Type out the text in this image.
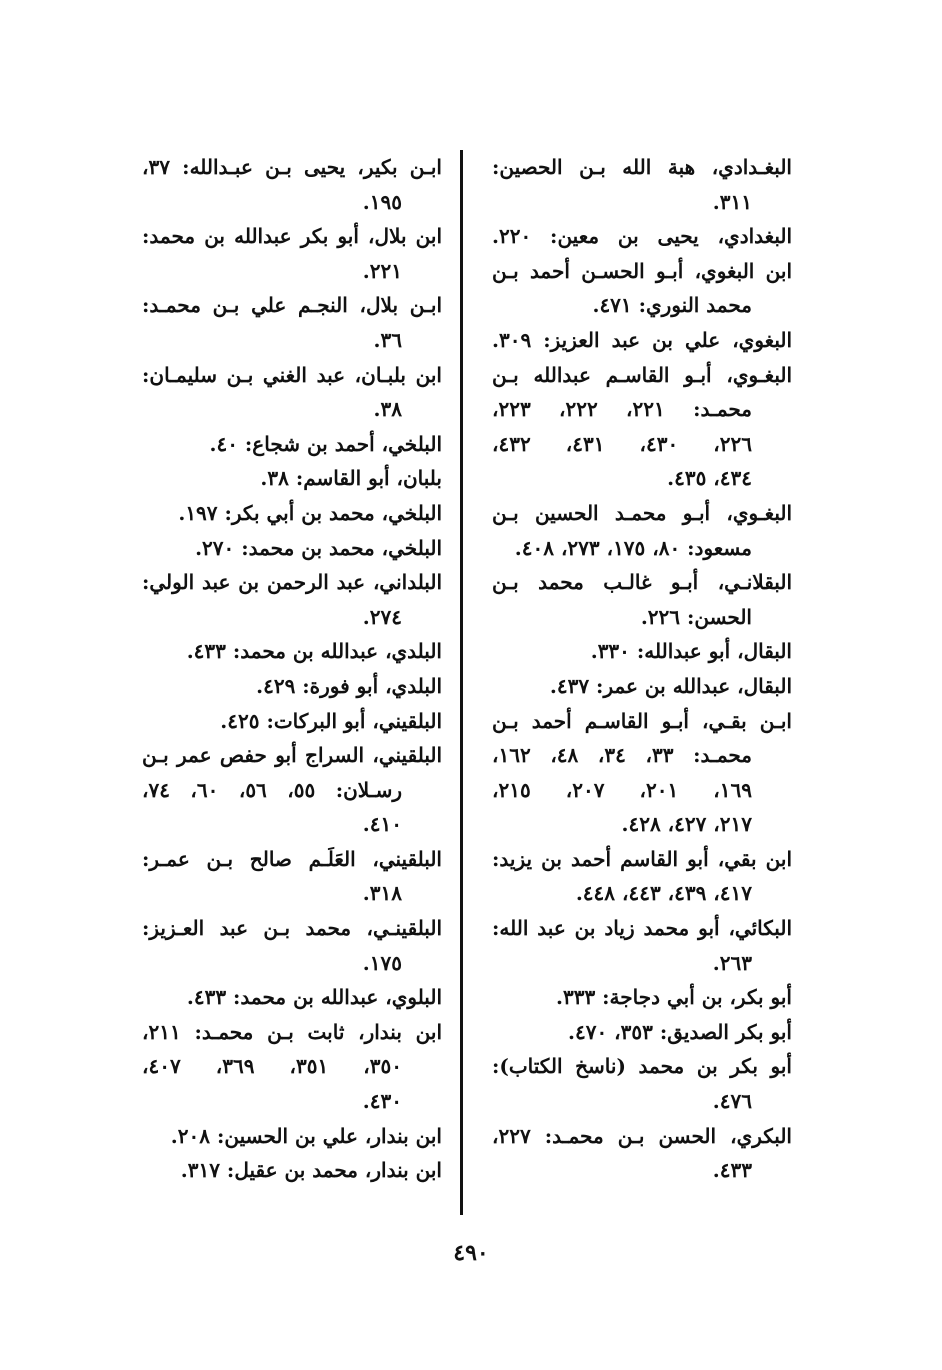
البغـدادي، هبة الله بـن الحصين:
٣١١.
البغدادي، يحيى بن معين: ٢٢٠.
ابن البغوي، أبـو الحسـن أحمد بـن
محمد النوري: ٤٧١.
البغوي، علي بن عبد العزيز: ٣٠٩.
البغـوي، أبـو القاسـم عبدالله بـن
محمـد: ٢٢١، ٢٢٢، ٢٢٣،
٢٢٦، ٤٣٠، ٤٣١، ٤٣٢،
٤٣٤، ٤٣٥.
البغـوي، أبـو محمـد الحسين بـن
مسعود: ٨٠، ١٧٥، ٢٧٣، ٤٠٨.
البقلانـي، أبـو غالـب محمد بـن
الحسن: ٢٢٦.
البقال، أبو عبدالله: ٣٣٠.
البقال، عبدالله بن عمر: ٤٣٧.
ابـن بقـي، أبـو القاسـم أحمد بـن
محمـد: ٣٣، ٣٤، ٤٨، ١٦٢،
١٦٩، ٢٠١، ٢٠٧، ٢١٥،
٢١٧، ٤٢٧، ٤٢٨.
ابن بقي، أبو القاسم أحمد بن يزيد:
٤١٧، ٤٣٩، ٤٤٣، ٤٤٨.
البكائي، أبو محمد زياد بن عبد الله:
٢٦٣.
أبو بكر، بن أبي دجاجة: ٣٣٣.
أبو بكر الصديق: ٣٥٣، ٤٧٠.
أبو بكر بن محمد (ناسخ الكتاب):
٤٧٦.
البكري، الحسن بـن محمـد: ٢٢٧،
٤٣٣.
ابـن بكير، يحيى بـن عبـدالله: ٣٧،
١٩٥.
ابن بلال، أبو بكر عبدالله بن محمد:
٢٢١.
ابـن بلال، النجـم علي بـن محمـد:
٣٦.
ابن بلبـان، عبد الغني بـن سليمـان:
٣٨.
البلخي، أحمد بن شجاع: ٤٠.
بلبان، أبو القاسم: ٣٨.
البلخي، محمد بن أبي بكر: ١٩٧.
البلخي، محمد بن محمد: ٢٧٠.
البلداني، عبد الرحمن بن عبد الولي:
٢٧٤.
البلدي، عبدالله بن محمد: ٤٣٣.
البلدي، أبو فورة: ٤٢٩.
البلقيني، أبو البركات: ٤٢٥.
البلقيني، السراج أبو حفص عمر بـن
رسـلان: ٥٥، ٥٦، ٦٠، ٧٤،
٤١٠.
البلقيني، العَلَـم صالح بـن عمـر:
٣١٨.
البلقينـي، محمد بـن عبد العـزيز:
١٧٥.
البلوي، عبدالله بن محمد: ٤٣٣.
ابن بندار، ثابت بـن محمـد: ٢١١،
٣٥٠، ٣٥١، ٣٦٩، ٤٠٧،
٤٣٠.
ابن بندار، علي بن الحسين: ٢٠٨.
ابن بندار، محمد بن عقيل: ٣١٧.
٤٩٠
